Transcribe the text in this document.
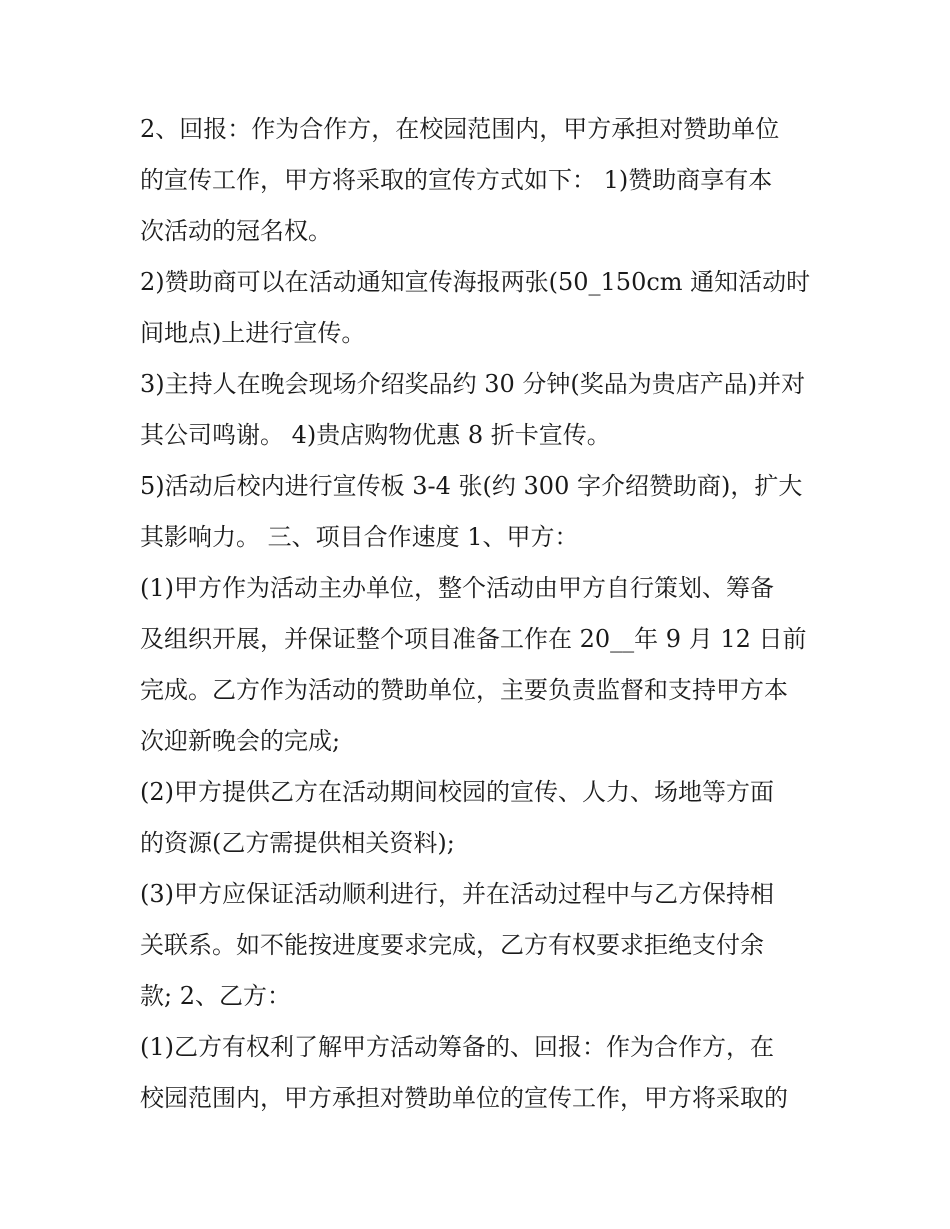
2、回报：作为合作方，在校园范围内，甲方承担对赞助单位
的宣传工作，甲方将采取的宣传方式如下： 1)赞助商享有本
次活动的冠名权。
2)赞助商可以在活动通知宣传海报两张(50_150cm 通知活动时
间地点)上进行宣传。
3)主持人在晚会现场介绍奖品约 30 分钟(奖品为贵店产品)并对
其公司鸣谢。 4)贵店购物优惠 8 折卡宣传。
5)活动后校内进行宣传板 3-4 张(约 300 字介绍赞助商)，扩大
其影响力。 三、项目合作速度 1、甲方：
(1)甲方作为活动主办单位，整个活动由甲方自行策划、筹备
及组织开展，并保证整个项目准备工作在 20__年 9 月 12 日前
完成。乙方作为活动的赞助单位，主要负责监督和支持甲方本
次迎新晚会的完成;
(2)甲方提供乙方在活动期间校园的宣传、人力、场地等方面
的资源(乙方需提供相关资料);
(3)甲方应保证活动顺利进行，并在活动过程中与乙方保持相
关联系。如不能按进度要求完成，乙方有权要求拒绝支付余
款; 2、乙方：
(1)乙方有权利了解甲方活动筹备的、回报：作为合作方，在
校园范围内，甲方承担对赞助单位的宣传工作，甲方将采取的
